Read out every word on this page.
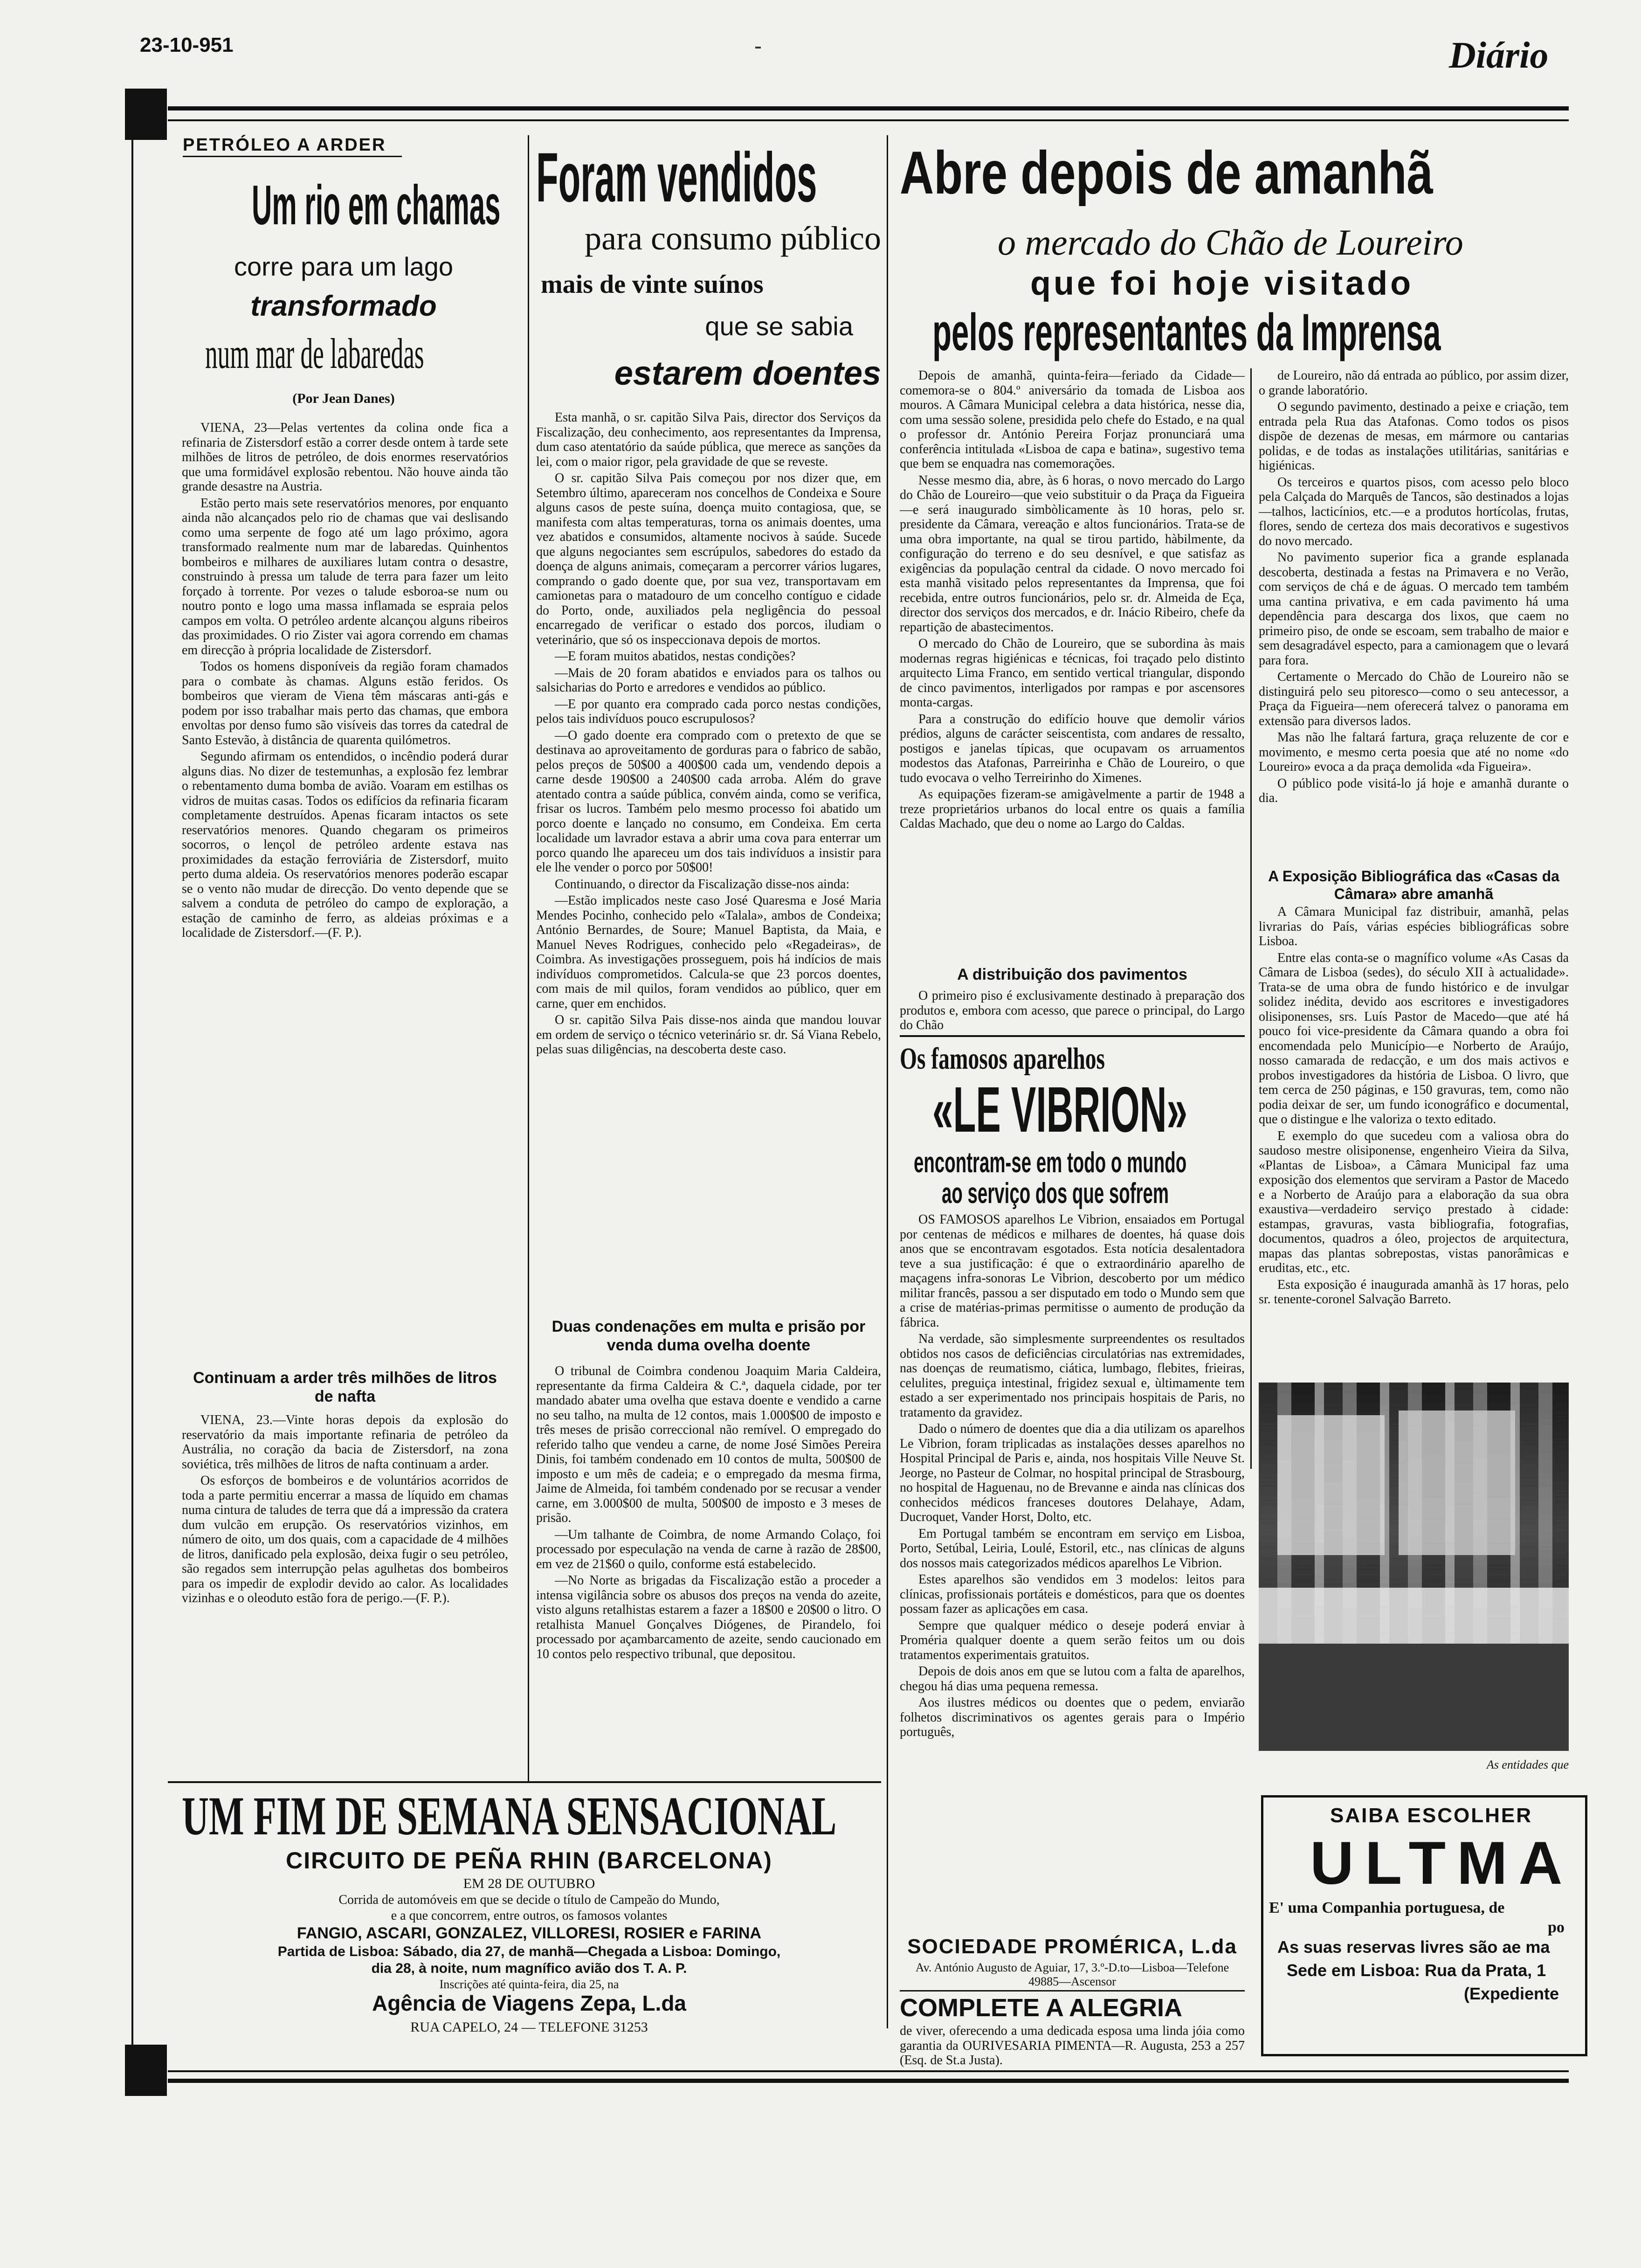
23-10-951	Diário
PETRÓLEO A ARDER
Um rio em chamas
corre para um lago
transformado
num mar de labaredas
(Por Jean Danes)

VIENA, 23—Pelas vertentes da colina onde fica a refinaria de Zistersdorf estão a correr desde ontem à tarde sete milhões de litros de petróleo, de dois enormes reservatórios que uma formidável explosão rebentou. Não houve ainda tão grande desastre na Austria.

Estão perto mais sete reservatórios menores, por enquanto ainda não alcançados pelo rio de chamas que vai deslisando como uma serpente de fogo até um lago próximo, agora transformado realmente num mar de labaredas. Quinhentos bombeiros e milhares de auxiliares lutam contra o desastre, construindo à pressa um talude de terra para fazer um leito forçado à torrente. Por vezes o talude esboroa-se num ou noutro ponto e logo uma massa inflamada se espraia pelos campos em volta. O petróleo ardente alcançou alguns ribeiros das proximidades. O rio Zister vai agora correndo em chamas em direcção à própria localidade de Zistersdorf.

Todos os homens disponíveis da região foram chamados para o combate às chamas. Alguns estão feridos. Os bombeiros que vieram de Viena têm máscaras anti-gás e podem por isso trabalhar mais perto das chamas, que embora envoltas por denso fumo são visíveis das torres da catedral de Santo Estevão, à distância de quarenta quilómetros.

Segundo afirmam os entendidos, o incêndio poderá durar alguns dias. No dizer de testemunhas, a explosão fez lembrar o rebentamento duma bomba de avião. Voaram em estilhas os vidros de muitas casas. Todos os edifícios da refinaria ficaram completamente destruídos. Apenas ficaram intactos os sete reservatórios menores. Quando chegaram os primeiros socorros, o lençol de petróleo ardente estava nas proximidades da estação ferroviária de Zistersdorf, muito perto duma aldeia. Os reservatórios menores poderão escapar se o vento não mudar de direcção. Do vento depende que se salvem a conduta de petróleo do campo de exploração, a estação de caminho de ferro, as aldeias próximas e a localidade de Zistersdorf.—(F. P.).

Continuam a arder três milhões de litros de nafta

VIENA, 23.—Vinte horas depois da explosão do reservatório da mais importante refinaria de petróleo da Austrália, no coração da bacia de Zistersdorf, na zona soviética, três milhões de litros de nafta continuam a arder.

Os esforços de bombeiros e de voluntários acorridos de toda a parte permitiu encerrar a massa de líquido em chamas numa cintura de taludes de terra que dá a impressão da cratera dum vulcão em erupção. Os reservatórios vizinhos, em número de oito, um dos quais, com a capacidade de 4 milhões de litros, danificado pela explosão, deixa fugir o seu petróleo, são regados sem interrupção pelas agulhetas dos bombeiros para os impedir de explodir devido ao calor. As localidades vizinhas e o oleoduto estão fora de perigo.—(F. P.).

Foram vendidos
para consumo público
mais de vinte suínos
que se sabia
estarem doentes

Esta manhã, o sr. capitão Silva Pais, director dos Serviços da Fiscalização, deu conhecimento, aos representantes da Imprensa, dum caso atentatório da saúde pública, que merece as sanções da lei, com o maior rigor, pela gravidade de que se reveste.

O sr. capitão Silva Pais começou por nos dizer que, em Setembro último, apareceram nos concelhos de Condeixa e Soure alguns casos de peste suína, doença muito contagiosa, que, se manifesta com altas temperaturas, torna os animais doentes, uma vez abatidos e consumidos, altamente nocivos à saúde. Sucede que alguns negociantes sem escrúpulos, sabedores do estado da doença de alguns animais, começaram a percorrer vários lugares, comprando o gado doente que, por sua vez, transportavam em camionetas para o matadouro de um concelho contíguo e cidade do Porto, onde, auxiliados pela negligência do pessoal encarregado de verificar o estado dos porcos, iludiam o veterinário, que só os inspeccionava depois de mortos.

—E foram muitos abatidos, nestas condições?

—Mais de 20 foram abatidos e enviados para os talhos ou salsicharias do Porto e arredores e vendidos ao público.

—E por quanto era comprado cada porco nestas condições, pelos tais indivíduos pouco escrupulosos?

—O gado doente era comprado com o pretexto de que se destinava ao aproveitamento de gorduras para o fabrico de sabão, pelos preços de 50$00 a 400$00 cada um, vendendo depois a carne desde 190$00 a 240$00 cada arroba. Além do grave atentado contra a saúde pública, convém ainda, como se verifica, frisar os lucros. Também pelo mesmo processo foi abatido um porco doente e lançado no consumo, em Condeixa. Em certa localidade um lavrador estava a abrir uma cova para enterrar um porco quando lhe apareceu um dos tais indivíduos a insistir para ele lhe vender o porco por 50$00!

Continuando, o director da Fiscalização disse-nos ainda:

—Estão implicados neste caso José Quaresma e José Maria Mendes Pocinho, conhecido pelo «Talala», ambos de Condeixa; António Bernardes, de Soure; Manuel Baptista, da Maia, e Manuel Neves Rodrigues, conhecido pelo «Regadeiras», de Coimbra. As investigações prosseguem, pois há indícios de mais indivíduos comprometidos. Calcula-se que 23 porcos doentes, com mais de mil quilos, foram vendidos ao público, quer em carne, quer em enchidos.

O sr. capitão Silva Pais disse-nos ainda que mandou louvar em ordem de serviço o técnico veterinário sr. dr. Sá Viana Rebelo, pelas suas diligências, na descoberta deste caso.

Duas condenações em multa e prisão por venda duma ovelha doente

O tribunal de Coimbra condenou Joaquim Maria Caldeira, representante da firma Caldeira & C.ª, daquela cidade, por ter mandado abater uma ovelha que estava doente e vendido a carne no seu talho, na multa de 12 contos, mais 1.000$00 de imposto e três meses de prisão correccional não remível. O empregado do referido talho que vendeu a carne, de nome José Simões Pereira Dinis, foi também condenado em 10 contos de multa, 500$00 de imposto e um mês de cadeia; e o empregado da mesma firma, Jaime de Almeida, foi também condenado por se recusar a vender carne, em 3.000$00 de multa, 500$00 de imposto e 3 meses de prisão.

—Um talhante de Coimbra, de nome Armando Colaço, foi processado por especulação na venda de carne à razão de 28$00, em vez de 21$60 o quilo, conforme está estabelecido.

—No Norte as brigadas da Fiscalização estão a proceder a intensa vigilância sobre os abusos dos preços na venda do azeite, visto alguns retalhistas estarem a fazer a 18$00 e 20$00 o litro. O retalhista Manuel Gonçalves Diógenes, de Pirandelo, foi processado por açambarcamento de azeite, sendo caucionado em 10 contos pelo respectivo tribunal, que depositou.

Abre depois de amanhã
o mercado do Chão de Loureiro
que foi hoje visitado
pelos representantes da Imprensa

Depois de amanhã, quinta-feira—feriado da Cidade—comemora-se o 804.º aniversário da tomada de Lisboa aos mouros. A Câmara Municipal celebra a data histórica, nesse dia, com uma sessão solene, presidida pelo chefe do Estado, e na qual o professor dr. António Pereira Forjaz pronunciará uma conferência intitulada «Lisboa de capa e batina», sugestivo tema que bem se enquadra nas comemorações.

Nesse mesmo dia, abre, às 6 horas, o novo mercado do Largo do Chão de Loureiro—que veio substituir o da Praça da Figueira—e será inaugurado simbòlicamente às 10 horas, pelo sr. presidente da Câmara, vereação e altos funcionários. Trata-se de uma obra importante, na qual se tirou partido, hàbilmente, da configuração do terreno e do seu desnível, e que satisfaz as exigências da população central da cidade. O novo mercado foi esta manhã visitado pelos representantes da Imprensa, que foi recebida, entre outros funcionários, pelo sr. dr. Almeida de Eça, director dos serviços dos mercados, e dr. Inácio Ribeiro, chefe da repartição de abastecimentos.

O mercado do Chão de Loureiro, que se subordina às mais modernas regras higiénicas e técnicas, foi traçado pelo distinto arquitecto Lima Franco, em sentido vertical triangular, dispondo de cinco pavimentos, interligados por rampas e por ascensores monta-cargas.

Para a construção do edifício houve que demolir vários prédios, alguns de carácter seiscentista, com andares de ressalto, postigos e janelas típicas, que ocupavam os arruamentos modestos das Atafonas, Parreirinha e Chão de Loureiro, o que tudo evocava o velho Terreirinho do Ximenes.

As equipações fizeram-se amigàvelmente a partir de 1948 a treze proprietários urbanos do local entre os quais a família Caldas Machado, que deu o nome ao Largo do Caldas.

A distribuição dos pavimentos

O primeiro piso é exclusivamente destinado à preparação dos produtos e, embora com acesso, que parece o principal, do Largo do Chão

de Loureiro, não dá entrada ao público, por assim dizer, o grande laboratório.

O segundo pavimento, destinado a peixe e criação, tem entrada pela Rua das Atafonas. Como todos os pisos dispõe de dezenas de mesas, em mármore ou cantarias polidas, e de todas as instalações utilitárias, sanitárias e higiénicas.

Os terceiros e quartos pisos, com acesso pelo bloco pela Calçada do Marquês de Tancos, são destinados a lojas—talhos, lacticínios, etc.—e a produtos hortícolas, frutas, flores, sendo de certeza dos mais decorativos e sugestivos do novo mercado.

No pavimento superior fica a grande esplanada descoberta, destinada a festas na Primavera e no Verão, com serviços de chá e de águas. O mercado tem também uma cantina privativa, e em cada pavimento há uma dependência para descarga dos lixos, que caem no primeiro piso, de onde se escoam, sem trabalho de maior e sem desagradável especto, para a camionagem que o levará para fora.

Certamente o Mercado do Chão de Loureiro não se distinguirá pelo seu pitoresco—como o seu antecessor, a Praça da Figueira—nem oferecerá talvez o panorama em extensão para diversos lados.

Mas não lhe faltará fartura, graça reluzente de cor e movimento, e mesmo certa poesia que até no nome «do Loureiro» evoca a da praça demolida «da Figueira».

O público pode visitá-lo já hoje e amanhã durante o dia.

A Exposição Bibliográfica das «Casas da Câmara» abre amanhã

A Câmara Municipal faz distribuir, amanhã, pelas livrarias do País, várias espécies bibliográficas sobre Lisboa.

Entre elas conta-se o magnífico volume «As Casas da Câmara de Lisboa (sedes), do século XII à actualidade». Trata-se de uma obra de fundo histórico e de invulgar solidez inédita, devido aos escritores e investigadores olisiponenses, srs. Luís Pastor de Macedo—que até há pouco foi vice-presidente da Câmara quando a obra foi encomendada pelo Município—e Norberto de Araújo, nosso camarada de redacção, e um dos mais activos e probos investigadores da história de Lisboa. O livro, que tem cerca de 250 páginas, e 150 gravuras, tem, como não podia deixar de ser, um fundo iconográfico e documental, que o distingue e lhe valoriza o texto editado.

E exemplo do que sucedeu com a valiosa obra do saudoso mestre olisiponense, engenheiro Vieira da Silva, «Plantas de Lisboa», a Câmara Municipal faz uma exposição dos elementos que serviram a Pastor de Macedo e a Norberto de Araújo para a elaboração da sua obra exaustiva—verdadeiro serviço prestado à cidade: estampas, gravuras, vasta bibliografia, fotografias, documentos, quadros a óleo, projectos de arquitectura, mapas das plantas sobrepostas, vistas panorâmicas e eruditas, etc., etc.

Esta exposição é inaugurada amanhã às 17 horas, pelo sr. tenente-coronel Salvação Barreto.

As entidades que
Os famosos aparelhos
«LE VIBRION»
encontram-se em todo o mundo
ao serviço dos que sofrem

OS FAMOSOS aparelhos Le Vibrion, ensaiados em Portugal por centenas de médicos e milhares de doentes, há quase dois anos que se encontravam esgotados. Esta notícia desalentadora teve a sua justificação: é que o extraordinário aparelho de maçagens infra-sonoras Le Vibrion, descoberto por um médico militar francês, passou a ser disputado em todo o Mundo sem que a crise de matérias-primas permitisse o aumento de produção da fábrica.

Na verdade, são simplesmente surpreendentes os resultados obtidos nos casos de deficiências circulatórias nas extremidades, nas doenças de reumatismo, ciática, lumbago, flebites, frieiras, celulites, preguiça intestinal, frigidez sexual e, ùltimamente tem estado a ser experimentado nos principais hospitais de Paris, no tratamento da gravidez.

Dado o número de doentes que dia a dia utilizam os aparelhos Le Vibrion, foram triplicadas as instalações desses aparelhos no Hospital Principal de Paris e, ainda, nos hospitais Ville Neuve St. Jeorge, no Pasteur de Colmar, no hospital principal de Strasbourg, no hospital de Haguenau, no de Brevanne e ainda nas clínicas dos conhecidos médicos franceses doutores Delahaye, Adam, Ducroquet, Vander Horst, Dolto, etc.

Em Portugal também se encontram em serviço em Lisboa, Porto, Setúbal, Leiria, Loulé, Estoril, etc., nas clínicas de alguns dos nossos mais categorizados médicos aparelhos Le Vibrion.

Estes aparelhos são vendidos em 3 modelos: leitos para clínicas, profissionais portáteis e domésticos, para que os doentes possam fazer as aplicações em casa.

Sempre que qualquer médico o deseje poderá enviar à Proméria qualquer doente a quem serão feitos um ou dois tratamentos experimentais gratuitos.

Depois de dois anos em que se lutou com a falta de aparelhos, chegou há dias uma pequena remessa.

Aos ilustres médicos ou doentes que o pedem, enviarão folhetos discriminativos os agentes gerais para o Império português,

SOCIEDADE PROMÉRICA, L.da
Av. António Augusto de Aguiar, 17, 3.º-D.to—Lisboa—Telefone 49885—Ascensor
COMPLETE A ALEGRIA
de viver, oferecendo a uma dedicada esposa uma linda jóia como garantia da OURIVESARIA PIMENTA—R. Augusta, 253 a 257 (Esq. de St.a Justa).
SAIBA ESCOLHER
ULTMA
E' uma Companhia portuguesa, de
po
As suas reservas livres são ae ma
Sede em Lisboa: Rua da Prata, 1
(Expediente
UM FIM DE SEMANA SENSACIONAL
CIRCUITO DE PEÑA RHIN (BARCELONA)
EM 28 DE OUTUBRO
Corrida de automóveis em que se decide o título de Campeão do Mundo,
e a que concorrem, entre outros, os famosos volantes
FANGIO, ASCARI, GONZALEZ, VILLORESI, ROSIER e FARINA
Partida de Lisboa: Sábado, dia 27, de manhã—Chegada a Lisboa: Domingo,
dia 28, à noite, num magnífico avião dos T. A. P.
Inscrições até quinta-feira, dia 25, na
Agência de Viagens Zepa, L.da
RUA CAPELO, 24 — TELEFONE 31253
